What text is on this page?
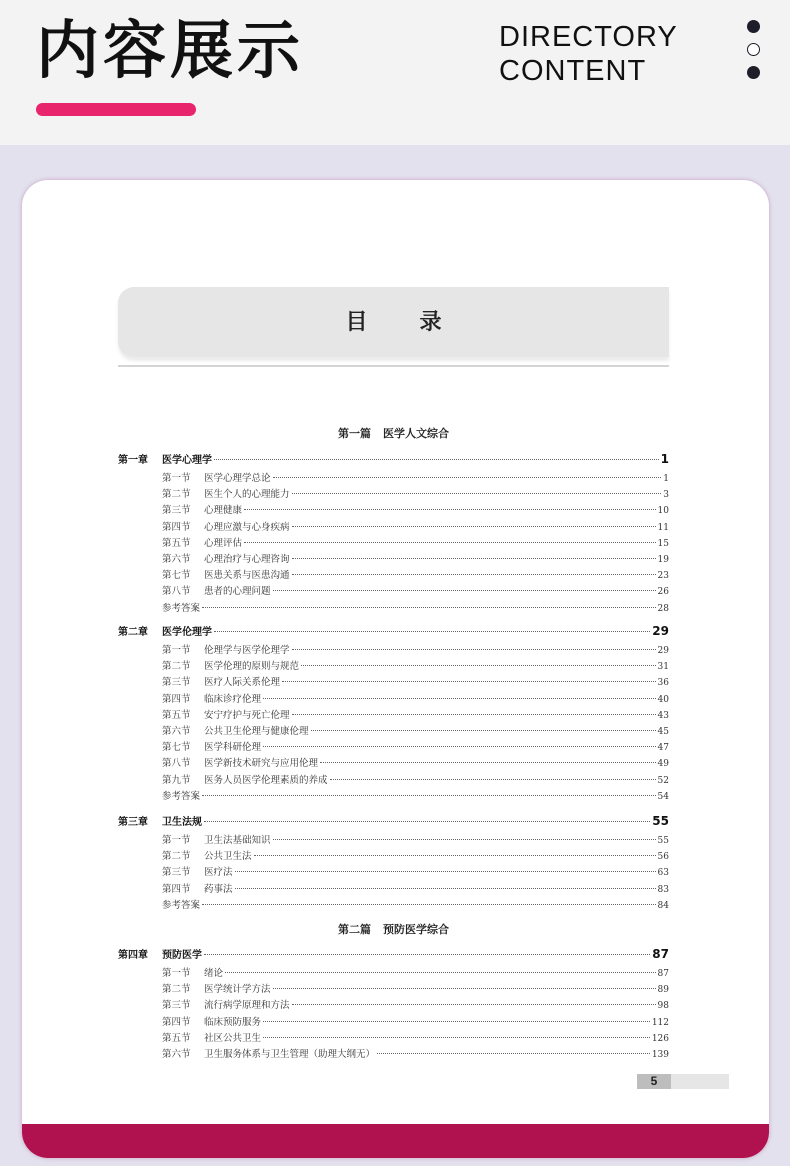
内容展示	DIRECTORY
CONTENT
目录
5
第一篇 医学人文综合
第二篇 预防医学综合
第一章	医学心理学	1
第一节	医学心理学总论	1
第二节	医生个人的心理能力	3
第三节	心理健康	10
第四节	心理应激与心身疾病	11
第五节	心理评估	15
第六节	心理治疗与心理咨询	19
第七节	医患关系与医患沟通	23
第八节	患者的心理问题	26
参考答案	28
第二章	医学伦理学	29
第一节	伦理学与医学伦理学	29
第二节	医学伦理的原则与规范	31
第三节	医疗人际关系伦理	36
第四节	临床诊疗伦理	40
第五节	安宁疗护与死亡伦理	43
第六节	公共卫生伦理与健康伦理	45
第七节	医学科研伦理	47
第八节	医学新技术研究与应用伦理	49
第九节	医务人员医学伦理素质的养成	52
参考答案	54
第三章	卫生法规	55
第一节	卫生法基础知识	55
第二节	公共卫生法	56
第三节	医疗法	63
第四节	药事法	83
参考答案	84
第四章	预防医学	87
第一节	绪论	87
第二节	医学统计学方法	89
第三节	流行病学原理和方法	98
第四节	临床预防服务	112
第五节	社区公共卫生	126
第六节	卫生服务体系与卫生管理（助理大纲无）	139
